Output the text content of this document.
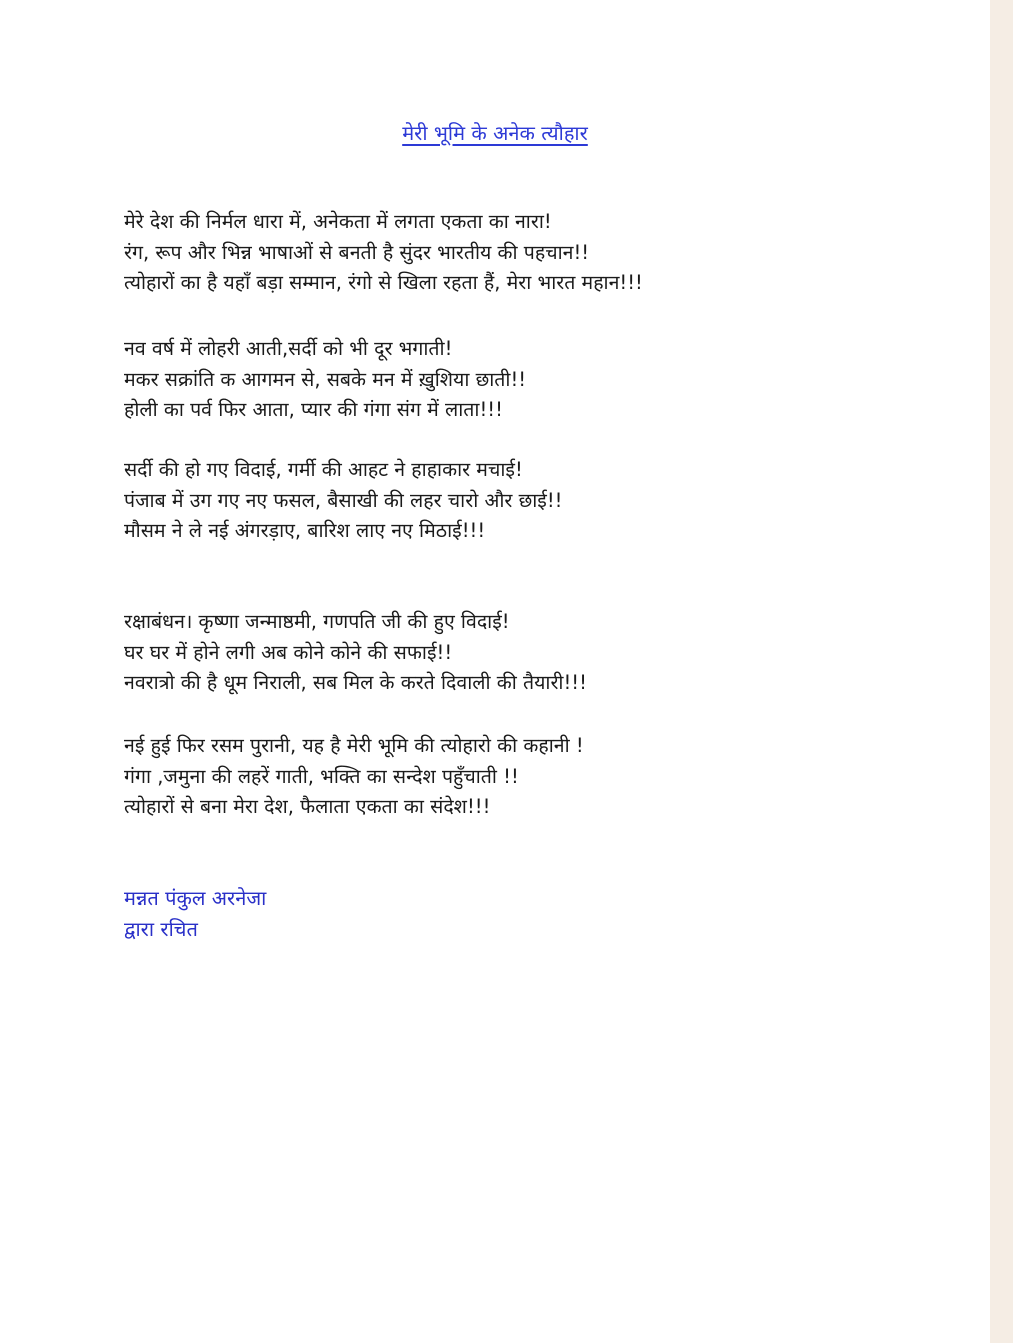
मेरी भूमि के अनेक त्यौहार
मेरे देश की निर्मल धारा में, अनेकता में लगता एकता का नारा!
रंग, रूप और भिन्न भाषाओं से बनती है सुंदर भारतीय की पहचान!!
त्योहारों का है यहाँ बड़ा सम्मान, रंगो से खिला रहता हैं, मेरा भारत महान!!!
नव वर्ष में लोहरी आती,सर्दी को भी दूर भगाती!
मकर सक्रांति क आगमन से, सबके मन में ख़ुशिया छाती!!
होली का पर्व फिर आता, प्यार की गंगा संग में लाता!!!
सर्दी की हो गए विदाई, गर्मी की आहट ने हाहाकार मचाई!
पंजाब में उग गए नए फसल, बैसाखी की लहर चारो और छाई!!
मौसम ने ले नई अंगरड़ाए, बारिश लाए नए मिठाई!!!
रक्षाबंधन। कृष्णा जन्माष्ठमी, गणपति जी की हुए विदाई!
घर घर में होने लगी अब कोने कोने की सफाई!!
नवरात्रो की है धूम निराली, सब मिल के करते दिवाली की तैयारी!!!
नई हुई फिर रसम पुरानी, यह है मेरी भूमि की त्योहारो की कहानी !
गंगा ,जमुना की लहरें गाती, भक्ति का सन्देश पहुँचाती !!
त्योहारों से बना मेरा देश, फैलाता एकता का संदेश!!!
मन्नत पंकुल अरनेजा
द्वारा रचित
